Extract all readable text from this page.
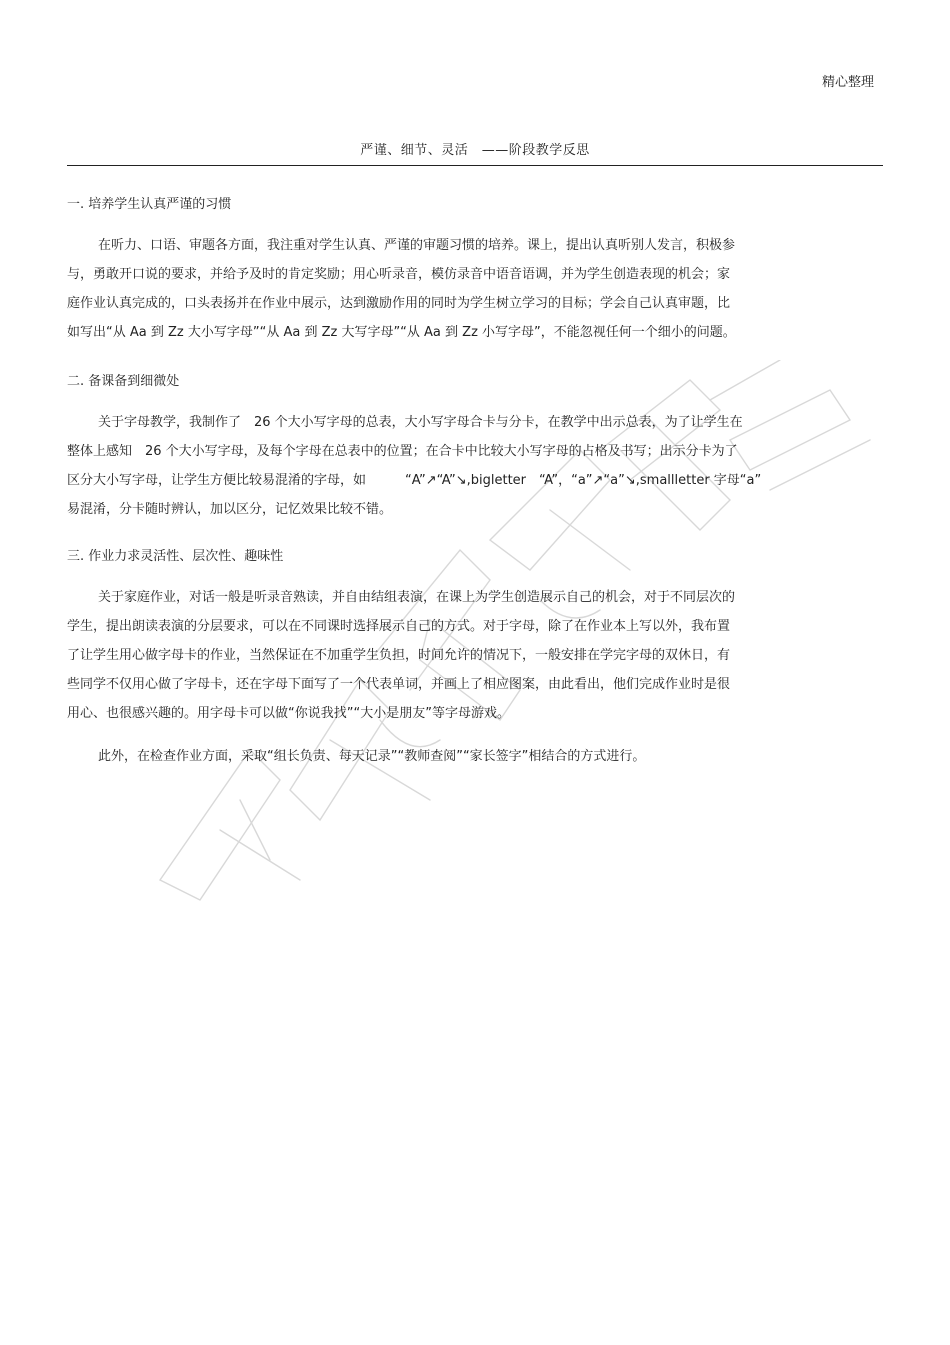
精心整理
严谨、细节、灵活　——阶段教学反思
一. 培养学生认真严谨的习惯
在听力、口语、审题各方面，我注重对学生认真、严谨的审题习惯的培养。课上，提出认真听别人发言，积极参
与，勇敢开口说的要求，并给予及时的肯定奖励；用心听录音，模仿录音中语音语调，并为学生创造表现的机会；家
庭作业认真完成的，口头表扬并在作业中展示，达到激励作用的同时为学生树立学习的目标；学会自己认真审题，比
如写出“从 Aa 到 Zz 大小写字母”“从 Aa 到 Zz 大写字母”“从 Aa 到 Zz 小写字母”，不能忽视任何一个细小的问题。
二. 备课备到细微处
关于字母教学，我制作了　26 个大小写字母的总表，大小写字母合卡与分卡，在教学中出示总表，为了让学生在
整体上感知　26 个大小写字母，及每个字母在总表中的位置；在合卡中比较大小写字母的占格及书写；出示分卡为了
区分大小写字母，让学生方便比较易混淆的字母，如　　　“A”↗“A”↘,bigletter　“A”，“a”↗“a”↘,smallletter 字母“a”
易混淆，分卡随时辨认，加以区分，记忆效果比较不错。
三. 作业力求灵活性、层次性、趣味性
关于家庭作业，对话一般是听录音熟读，并自由结组表演，在课上为学生创造展示自己的机会，对于不同层次的
学生，提出朗读表演的分层要求，可以在不同课时选择展示自己的方式。对于字母，除了在作业本上写以外，我布置
了让学生用心做字母卡的作业，当然保证在不加重学生负担，时间允许的情况下，一般安排在学完字母的双休日，有
些同学不仅用心做了字母卡，还在字母下面写了一个代表单词，并画上了相应图案，由此看出，他们完成作业时是很
用心、也很感兴趣的。用字母卡可以做“你说我找”“大小是朋友”等字母游戏。
此外，在检查作业方面，采取“组长负责、每天记录”“教师查阅”“家长签字”相结合的方式进行。
